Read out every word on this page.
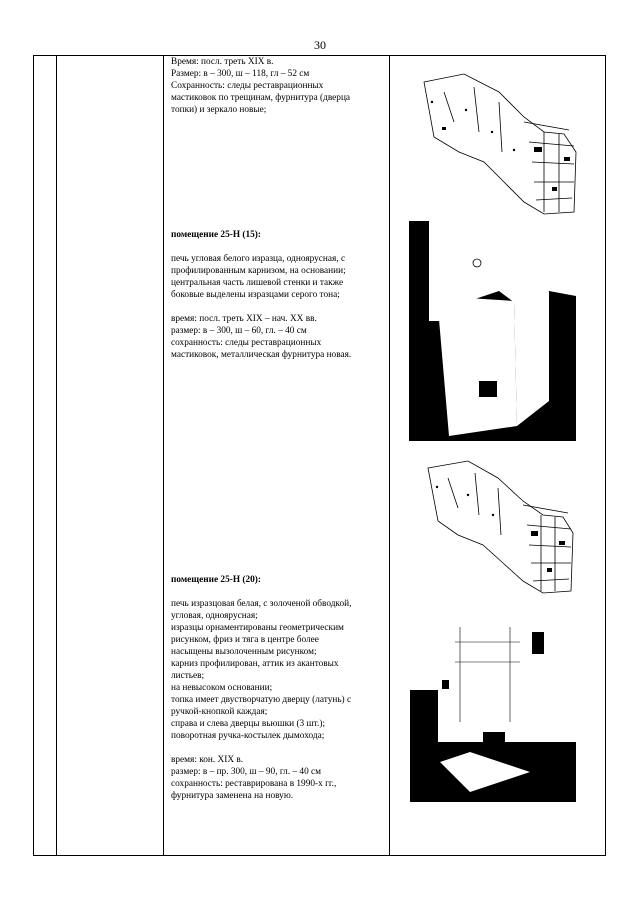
30

Время: посл. треть XIX в.

Размер: в – 300, ш – 118, гл – 52 см

Сохранность: следы реставрационных

мастиковок по трещинам, фурнитура (дверца

топки) и зеркало новые;

помещение 25-Н (15):

печь угловая белого изразца, одноярусная, с

профилированным карнизом, на основании;

центральная часть лишевой стенки и также

боковые выделены изразцами серого тона;

время: посл. треть XIX – нач. XX вв.

размер: в – 300, ш – 60, гл. – 40 см

сохранность: следы реставрационных

мастиковок, металлическая фурнитура новая.

помещение 25-Н (20):

печь изразцовая белая, с золоченой обводкой,

угловая, одноярусная;

изразцы орнаментированы геометрическим

рисунком, фриз и тяга в центре более

насыщены вызолоченным рисунком;

карниз профилирован, аттик из акантовых

листьев;

на невысоком основании;

топка имеет двустворчатую дверцу (латунь) с

ручкой-кнопкой каждая;

справа и слева дверцы вьюшки (3 шт.);

поворотная ручка-костылек дымохода;

время: кон. XIX в.

размер: в – пр. 300, ш – 90, гл. – 40 см

сохранность: реставрирована в 1990-х гг.,

фурнитура заменена на новую.
